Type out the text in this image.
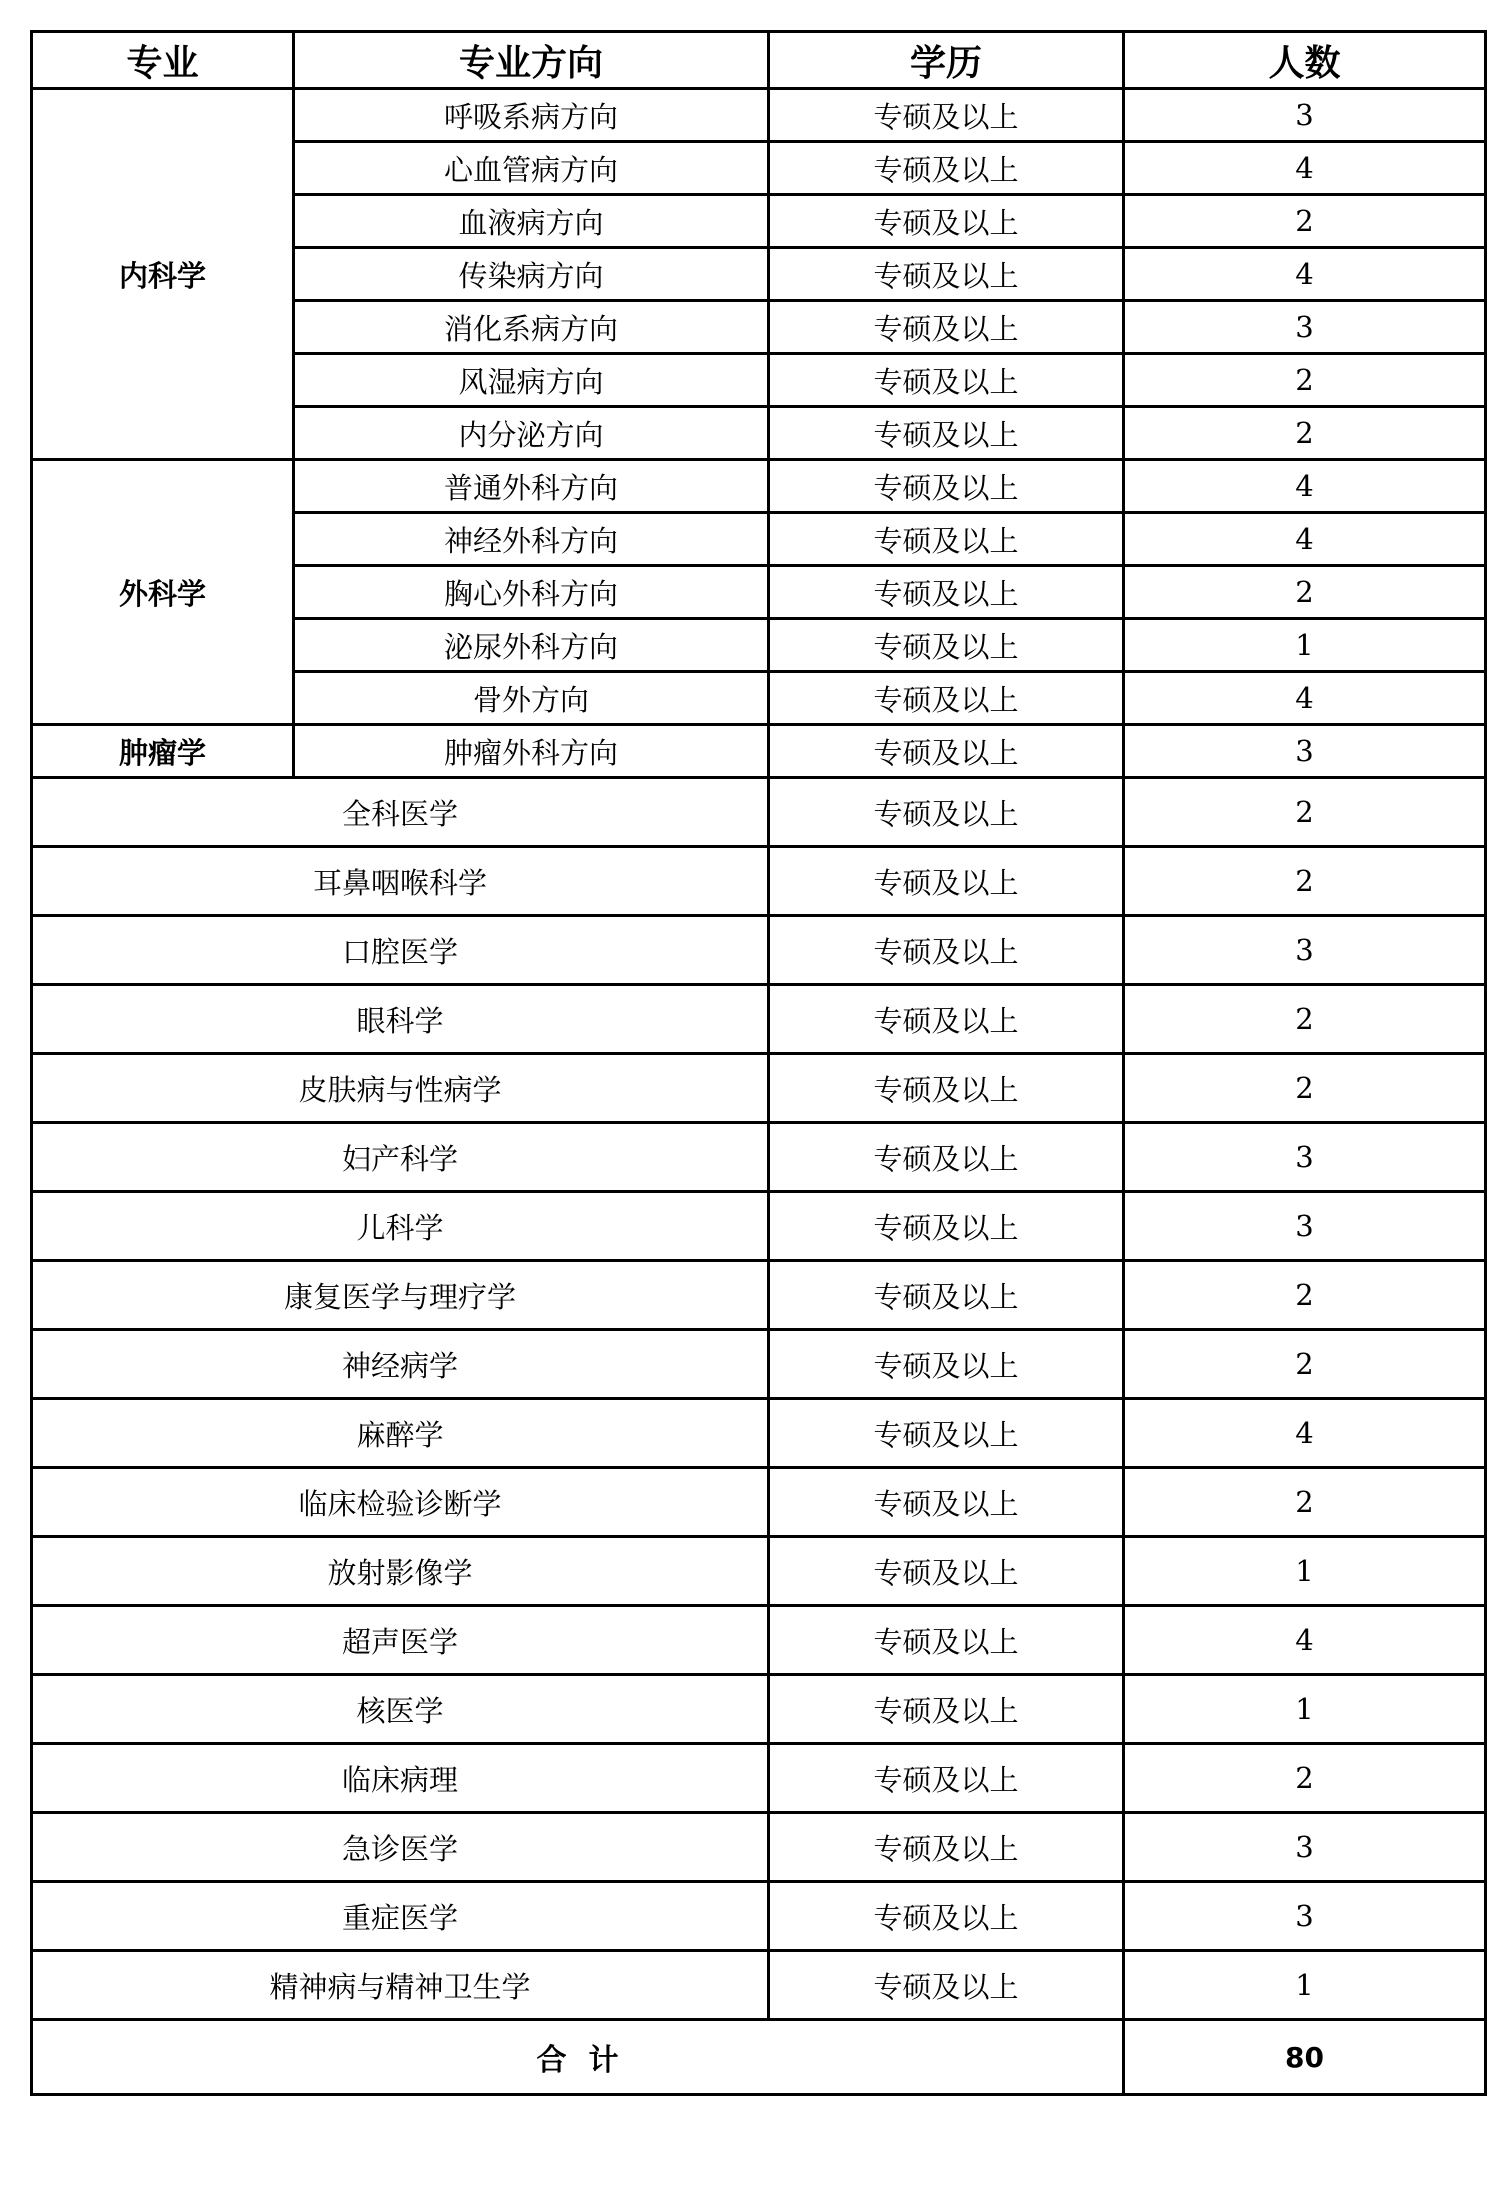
专业	专业方向	学历	人数
内科学	呼吸系病方向	专硕及以上	3
	心血管病方向	专硕及以上	4
	血液病方向	专硕及以上	2
	传染病方向	专硕及以上	4
	消化系病方向	专硕及以上	3
	风湿病方向	专硕及以上	2
	内分泌方向	专硕及以上	2
外科学	普通外科方向	专硕及以上	4
	神经外科方向	专硕及以上	4
	胸心外科方向	专硕及以上	2
	泌尿外科方向	专硕及以上	1
	骨外方向	专硕及以上	4
肿瘤学	肿瘤外科方向	专硕及以上	3
全科医学		专硕及以上	2
耳鼻咽喉科学		专硕及以上	2
口腔医学		专硕及以上	3
眼科学		专硕及以上	2
皮肤病与性病学		专硕及以上	2
妇产科学		专硕及以上	3
儿科学		专硕及以上	3
康复医学与理疗学		专硕及以上	2
神经病学		专硕及以上	2
麻醉学		专硕及以上	4
临床检验诊断学		专硕及以上	2
放射影像学		专硕及以上	1
超声医学		专硕及以上	4
核医学		专硕及以上	1
临床病理		专硕及以上	2
急诊医学		专硕及以上	3
重症医学		专硕及以上	3
精神病与精神卫生学		专硕及以上	1
合计			80
